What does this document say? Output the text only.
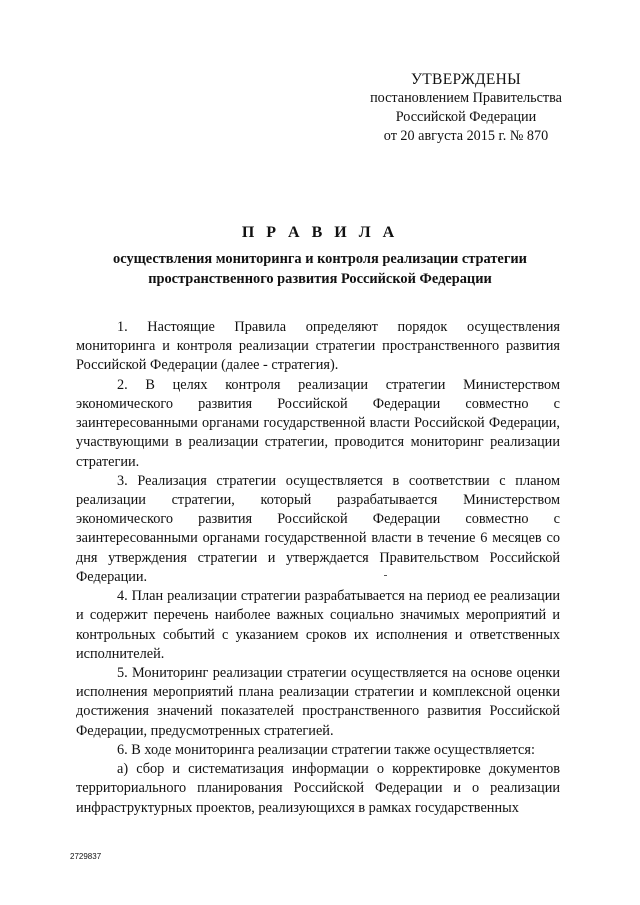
УТВЕРЖДЕНЫ
постановлением Правительства
Российской Федерации
от 20 августа 2015 г. № 870
П Р А В И Л А
осуществления мониторинга и контроля реализации стратегии
пространственного развития Российской Федерации

1. Настоящие Правила определяют порядок осуществления мониторинга и контроля реализации стратегии пространственного развития Российской Федерации (далее - стратегия).

2. В целях контроля реализации стратегии Министерством экономического развития Российской Федерации совместно с заинтересованными органами государственной власти Российской Федерации, участвующими в реализации стратегии, проводится мониторинг реализации стратегии.

3. Реализация стратегии осуществляется в соответствии с планом реализации стратегии, который разрабатывается Министерством экономического развития Российской Федерации совместно с заинтересованными органами государственной власти в течение 6 месяцев со дня утверждения стратегии и утверждается Правительством Российской Федерации.

4. План реализации стратегии разрабатывается на период ее реализации и содержит перечень наиболее важных социально значимых мероприятий и контрольных событий с указанием сроков их исполнения и ответственных исполнителей.

5. Мониторинг реализации стратегии осуществляется на основе оценки исполнения мероприятий плана реализации стратегии и комплексной оценки достижения значений показателей пространственного развития Российской Федерации, предусмотренных стратегией.

6. В ходе мониторинга реализации стратегии также осуществляется:

а) сбор и систематизация информации о корректировке документов территориального планирования Российской Федерации и о реализации инфраструктурных проектов, реализующихся в рамках государственных

2729837
